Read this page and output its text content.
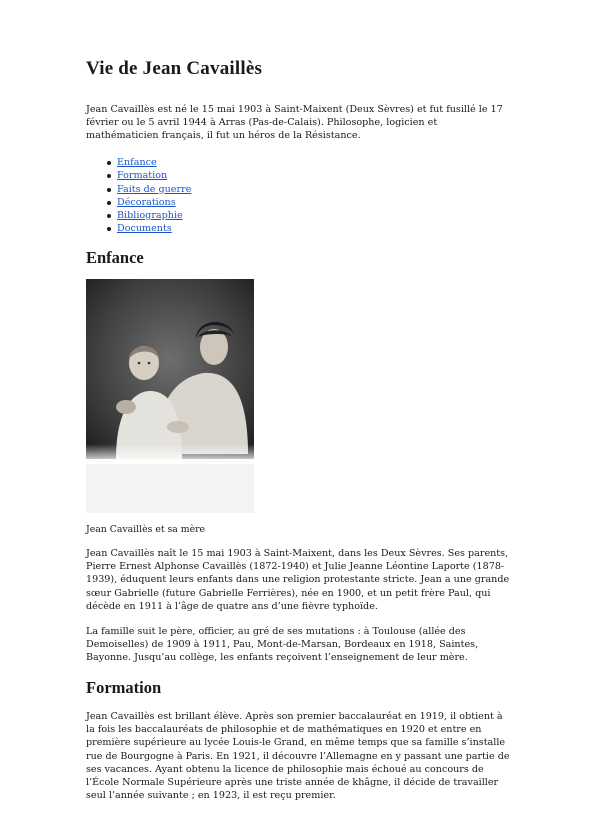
Vie de Jean Cavaillès

Jean Cavaillès est né le 15 mai 1903 à Saint-Maixent (Deux Sèvres) et fut fusillé le 17 février ou le 5 avril 1944 à Arras (Pas-de-Calais). Philosophe, logicien et mathématicien français, il fut un héros de la Résistance.

Enfance
Formation
Faits de guerre
Décorations
Bibliographie
Documents
Enfance

Jean Cavaillès et sa mère

Jean Cavaillès naît le 15 mai 1903 à Saint-Maixent, dans les Deux Sèvres. Ses parents, Pierre Ernest Alphonse Cavaillès (1872-1940) et Julie Jeanne Léontine Laporte (1878-1939), éduquent leurs enfants dans une religion protestante stricte. Jean a une grande sœur Gabrielle (future Gabrielle Ferrières), née en 1900, et un petit frère Paul, qui décède en 1911 à l’âge de quatre ans d’une fièvre typhoïde.

La famille suit le père, officier, au gré de ses mutations : à Toulouse (allée des Demoiselles) de 1909 à 1911, Pau, Mont-de-Marsan, Bordeaux en 1918, Saintes, Bayonne. Jusqu’au collège, les enfants reçoivent l’enseignement de leur mère.

Formation

Jean Cavaillès est brillant élève. Après son premier baccalauréat en 1919, il obtient à la fois les baccalauréats de philosophie et de mathématiques en 1920 et entre en première supérieure au lycée Louis-le Grand, en même temps que sa famille s’installe rue de Bourgogne à Paris. En 1921, il découvre l’Allemagne en y passant une partie de ses vacances. Ayant obtenu la licence de philosophie mais échoué au concours de l’École Normale Supérieure après une triste année de khâgne, il décide de travailler seul l’année suivante ; en 1923, il est reçu premier.
